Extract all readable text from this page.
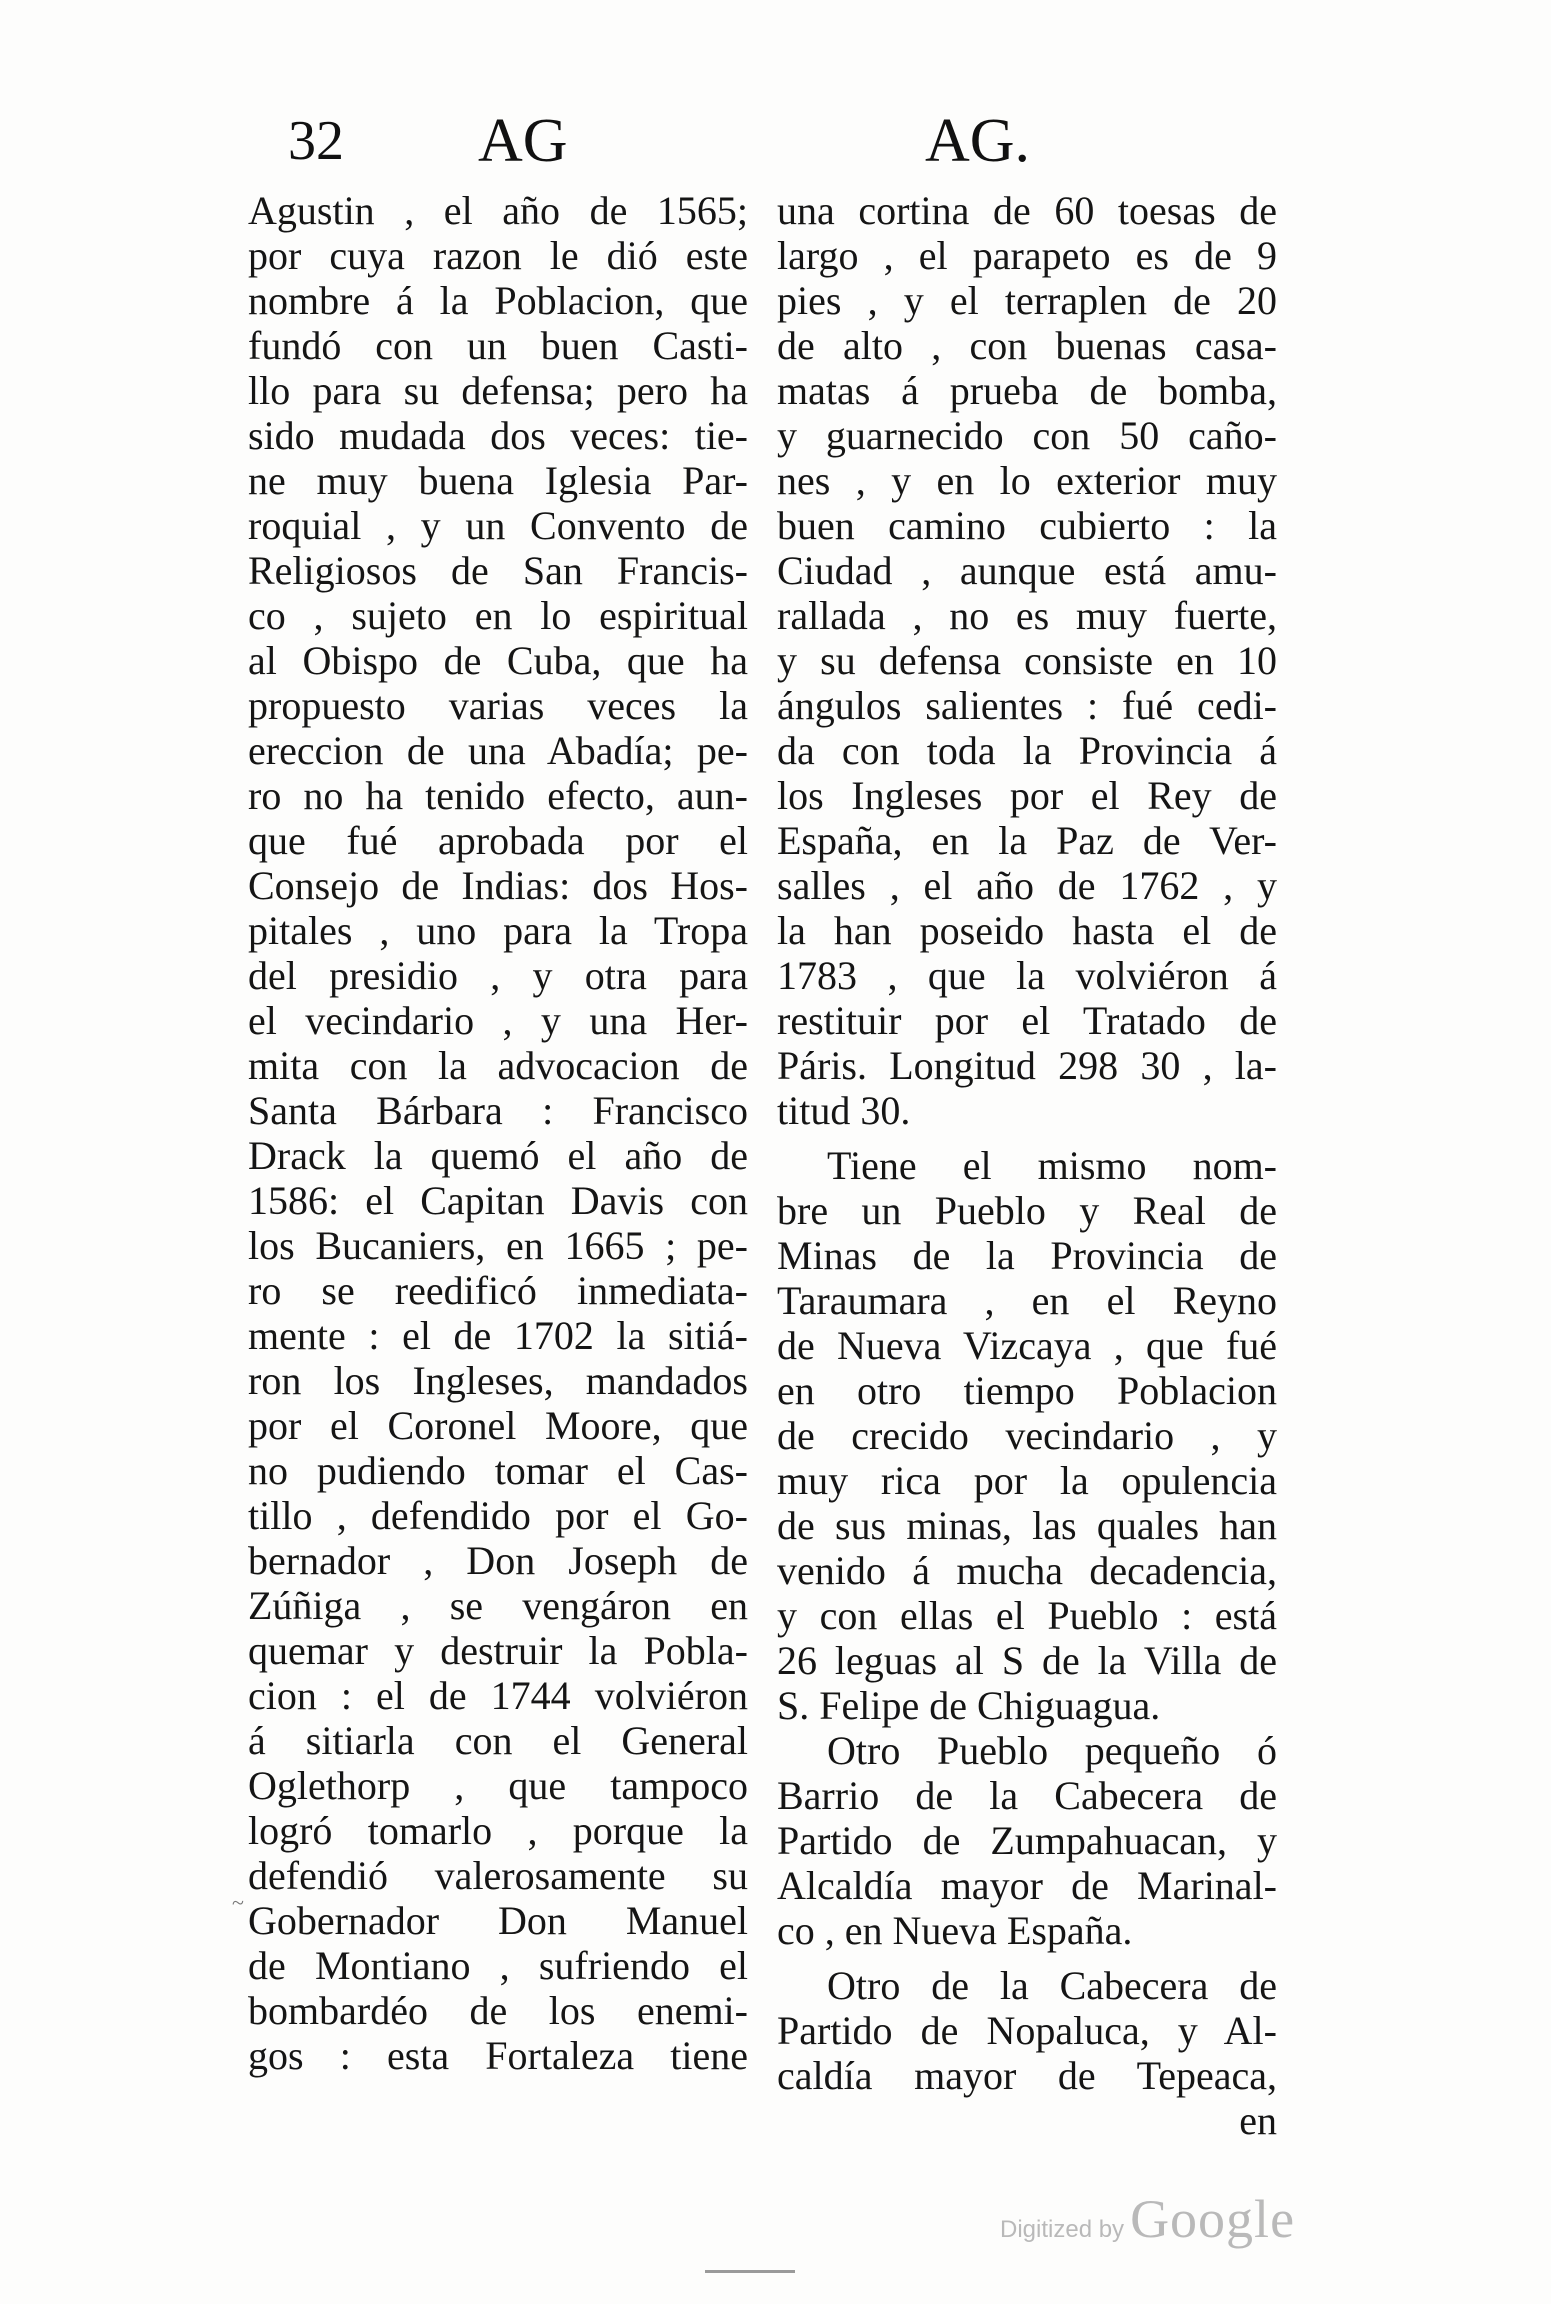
32 AG	AG.
Agustin , el año de 1565;
por cuya razon le dió este
nombre á la Poblacion, que
fundó con un buen Casti-
llo para su defensa; pero ha
sido mudada dos veces: tie-
ne muy buena Iglesia Par-
roquial , y un Convento de
Religiosos de San Francis-
co , sujeto en lo espiritual
al Obispo de Cuba, que ha
propuesto varias veces la
ereccion de una Abadía; pe-
ro no ha tenido efecto, aun-
que fué aprobada por el
Consejo de Indias: dos Hos-
pitales , uno para la Tropa
del presidio , y otra para
el vecindario , y una Her-
mita con la advocacion de
Santa Bárbara : Francisco
Drack la quemó el año de
1586: el Capitan Davis con
los Bucaniers, en 1665 ; pe-
ro se reedificó inmediata-
mente : el de 1702 la sitiá-
ron los Ingleses, mandados
por el Coronel Moore, que
no pudiendo tomar el Cas-
tillo , defendido por el Go-
bernador , Don Joseph de
Zúñiga , se vengáron en
quemar y destruir la Pobla-
cion : el de 1744 volviéron
á sitiarla con el General
Oglethorp , que tampoco
logró tomarlo , porque la
defendió valerosamente su
Gobernador Don Manuel
de Montiano , sufriendo el
bombardéo de los enemi-
gos : esta Fortaleza tiene
una cortina de 60 toesas de
largo , el parapeto es de 9
pies , y el terraplen de 20
de alto , con buenas casa-
matas á prueba de bomba,
y guarnecido con 50 caño-
nes , y en lo exterior muy
buen camino cubierto : la
Ciudad , aunque está amu-
rallada , no es muy fuerte,
y su defensa consiste en 10
ángulos salientes : fué cedi-
da con toda la Provincia á
los Ingleses por el Rey de
España, en la Paz de Ver-
salles , el año de 1762 , y
la han poseido hasta el de
1783 , que la volviéron á
restituir por el Tratado de
Páris. Longitud 298 30 , la-
titud 30.
Tiene el mismo nom-
bre un Pueblo y Real de
Minas de la Provincia de
Taraumara , en el Reyno
de Nueva Vizcaya , que fué
en otro tiempo Poblacion
de crecido vecindario , y
muy rica por la opulencia
de sus minas, las quales han
venido á mucha decadencia,
y con ellas el Pueblo : está
26 leguas al S de la Villa de
S. Felipe de Chiguagua.
Otro Pueblo pequeño ó
Barrio de la Cabecera de
Partido de Zumpahuacan, y
Alcaldía mayor de Marinal-
co , en Nueva España.
Otro de la Cabecera de
Partido de Nopaluca, y Al-
caldía mayor de Tepeaca,
en
~
Digitized by Google
